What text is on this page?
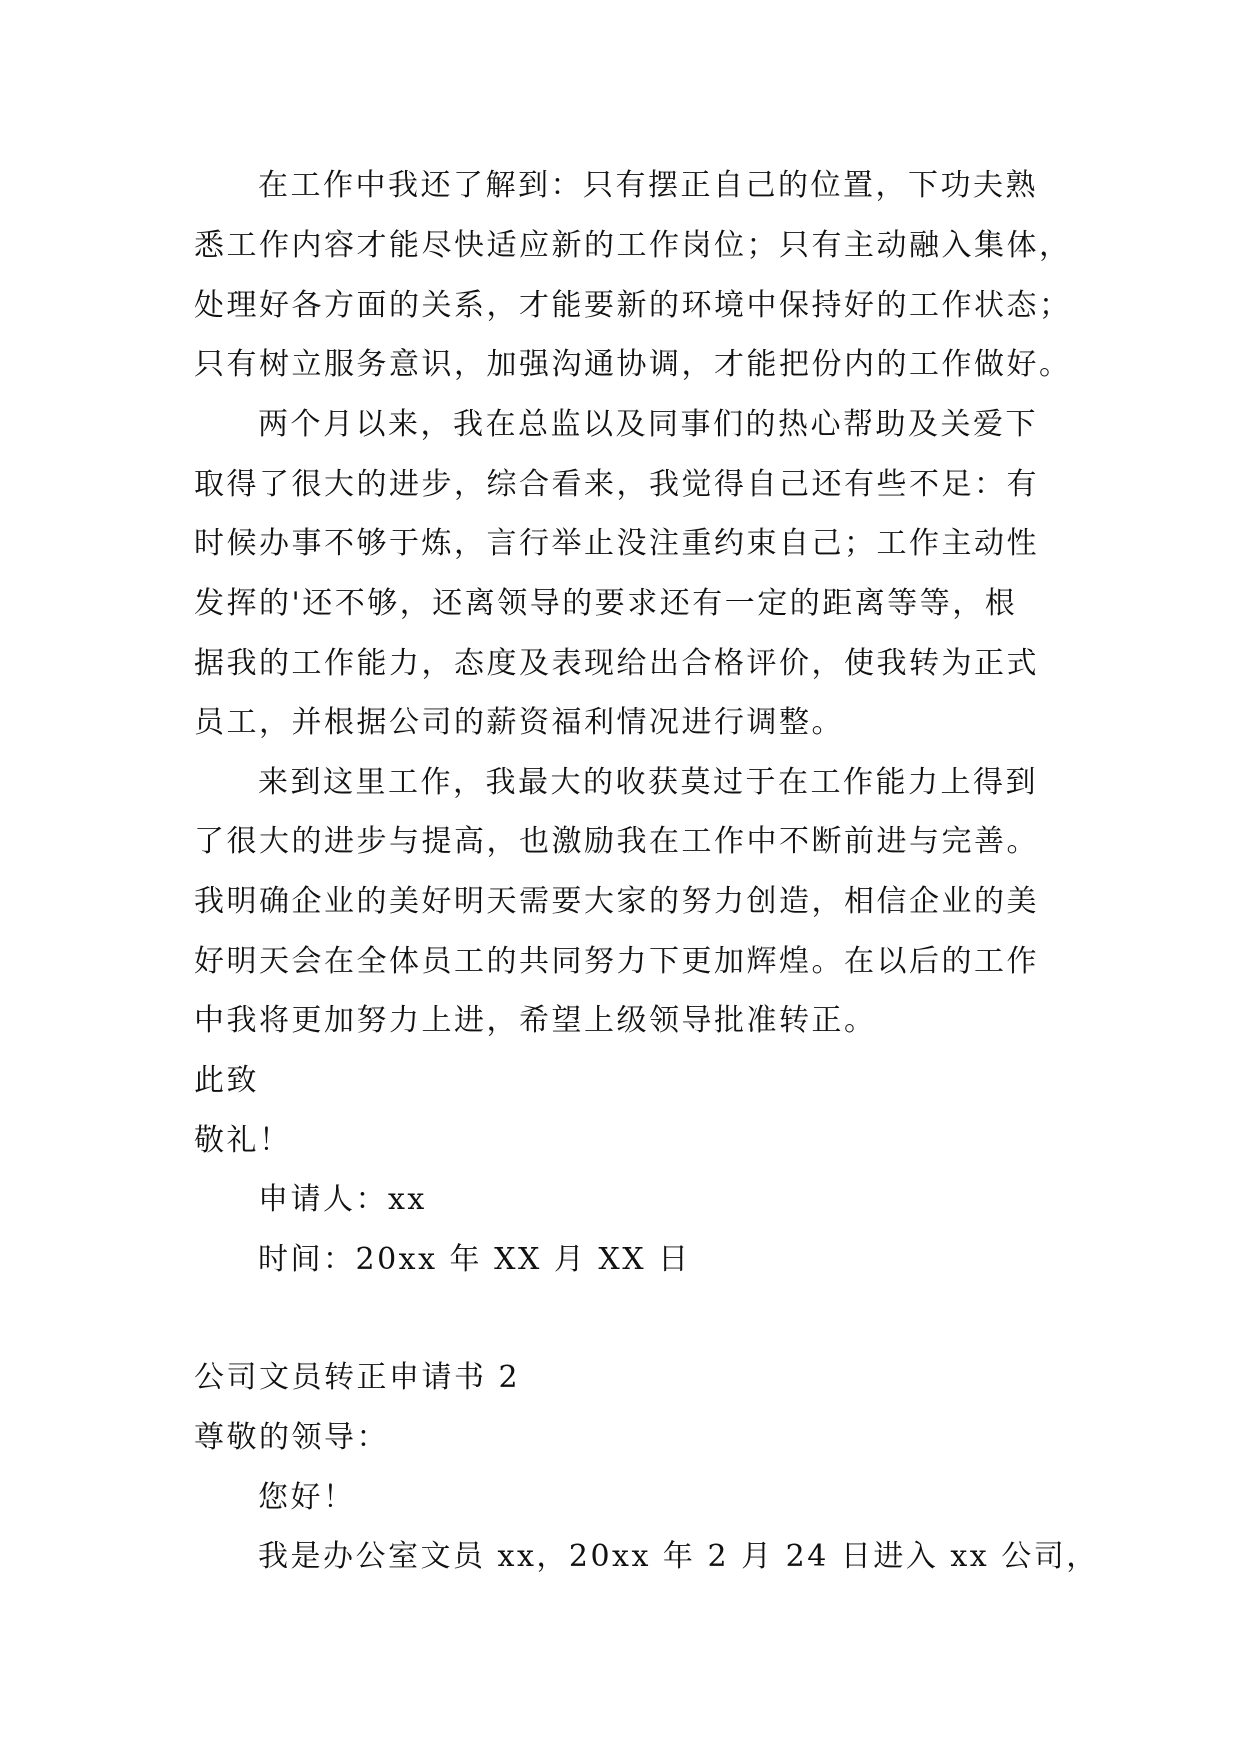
在工作中我还了解到：只有摆正自己的位置，下功夫熟
悉工作内容才能尽快适应新的工作岗位；只有主动融入集体，
处理好各方面的关系，才能要新的环境中保持好的工作状态；
只有树立服务意识，加强沟通协调，才能把份内的工作做好。
两个月以来，我在总监以及同事们的热心帮助及关爱下
取得了很大的进步，综合看来，我觉得自己还有些不足：有
时候办事不够于炼，言行举止没注重约束自己；工作主动性
发挥的'还不够，还离领导的要求还有一定的距离等等，根
据我的工作能力，态度及表现给出合格评价，使我转为正式
员工，并根据公司的薪资福利情况进行调整。
来到这里工作，我最大的收获莫过于在工作能力上得到
了很大的进步与提高，也激励我在工作中不断前进与完善。
我明确企业的美好明天需要大家的努力创造，相信企业的美
好明天会在全体员工的共同努力下更加辉煌。在以后的工作
中我将更加努力上进，希望上级领导批准转正。
此致
敬礼！
申请人：xx
时间：20xx 年 XX 月 XX 日
公司文员转正申请书 2
尊敬的领导：
您好！
我是办公室文员 xx，20xx 年 2 月 24 日进入 xx 公司，
